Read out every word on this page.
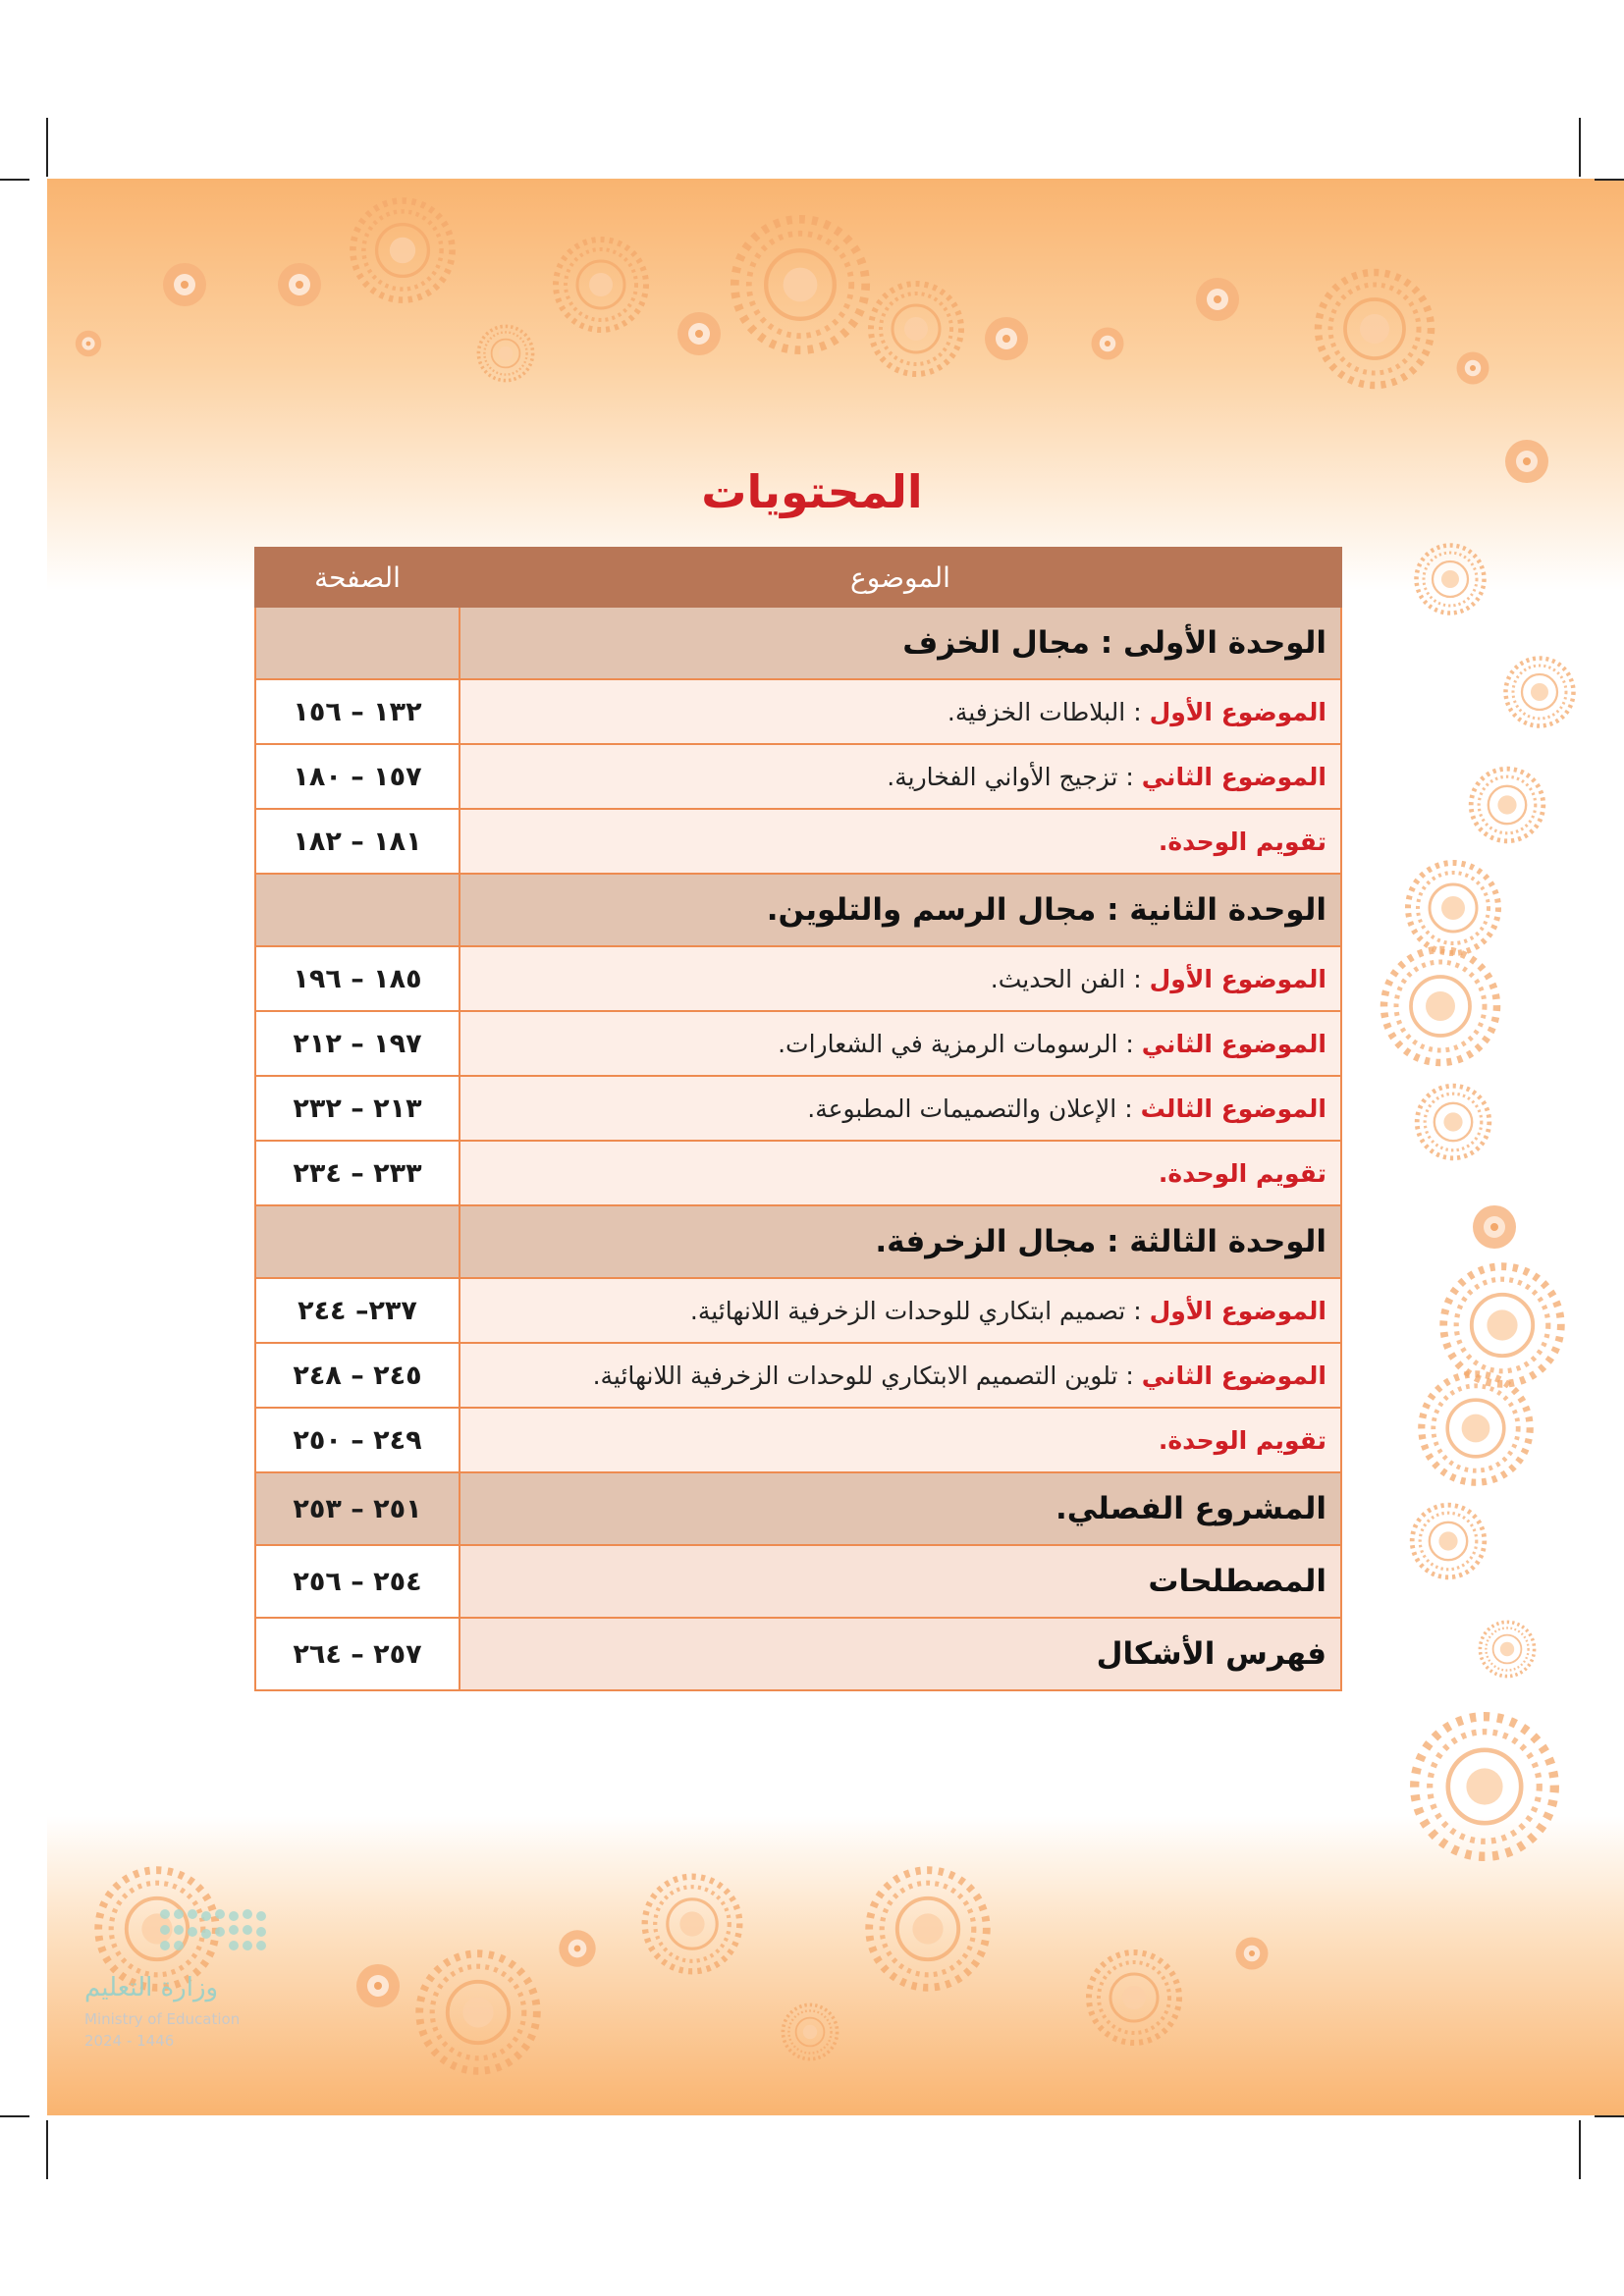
المحتويات
الموضوع	الصفحة
الوحدة الأولى : مجال الخزف	
الموضوع الأول : البلاطات الخزفية.	١٣٢ – ١٥٦
الموضوع الثاني : تزجيج الأواني الفخارية.	١٥٧ – ١٨٠
تقويم الوحدة.	١٨١ – ١٨٢
الوحدة الثانية : مجال الرسم والتلوين.	
الموضوع الأول : الفن الحديث.	١٨٥ – ١٩٦
الموضوع الثاني : الرسومات الرمزية في الشعارات.	١٩٧ – ٢١٢
الموضوع الثالث : الإعلان والتصميمات المطبوعة.	٢١٣ – ٢٣٢
تقويم الوحدة.	٢٣٣ – ٢٣٤
الوحدة الثالثة : مجال الزخرفة.	
الموضوع الأول : تصميم ابتكاري للوحدات الزخرفية اللانهائية.	٢٣٧– ٢٤٤
الموضوع الثاني : تلوين التصميم الابتكاري للوحدات الزخرفية اللانهائية.	٢٤٥ – ٢٤٨
تقويم الوحدة.	٢٤٩ – ٢٥٠
المشروع الفصلي.	٢٥١ – ٢٥٣
المصطلحات	٢٥٤ – ٢٥٦
فهرس الأشكال	٢٥٧ – ٢٦٤
وزارة التعليم
Ministry of Education
2024 - 1446
